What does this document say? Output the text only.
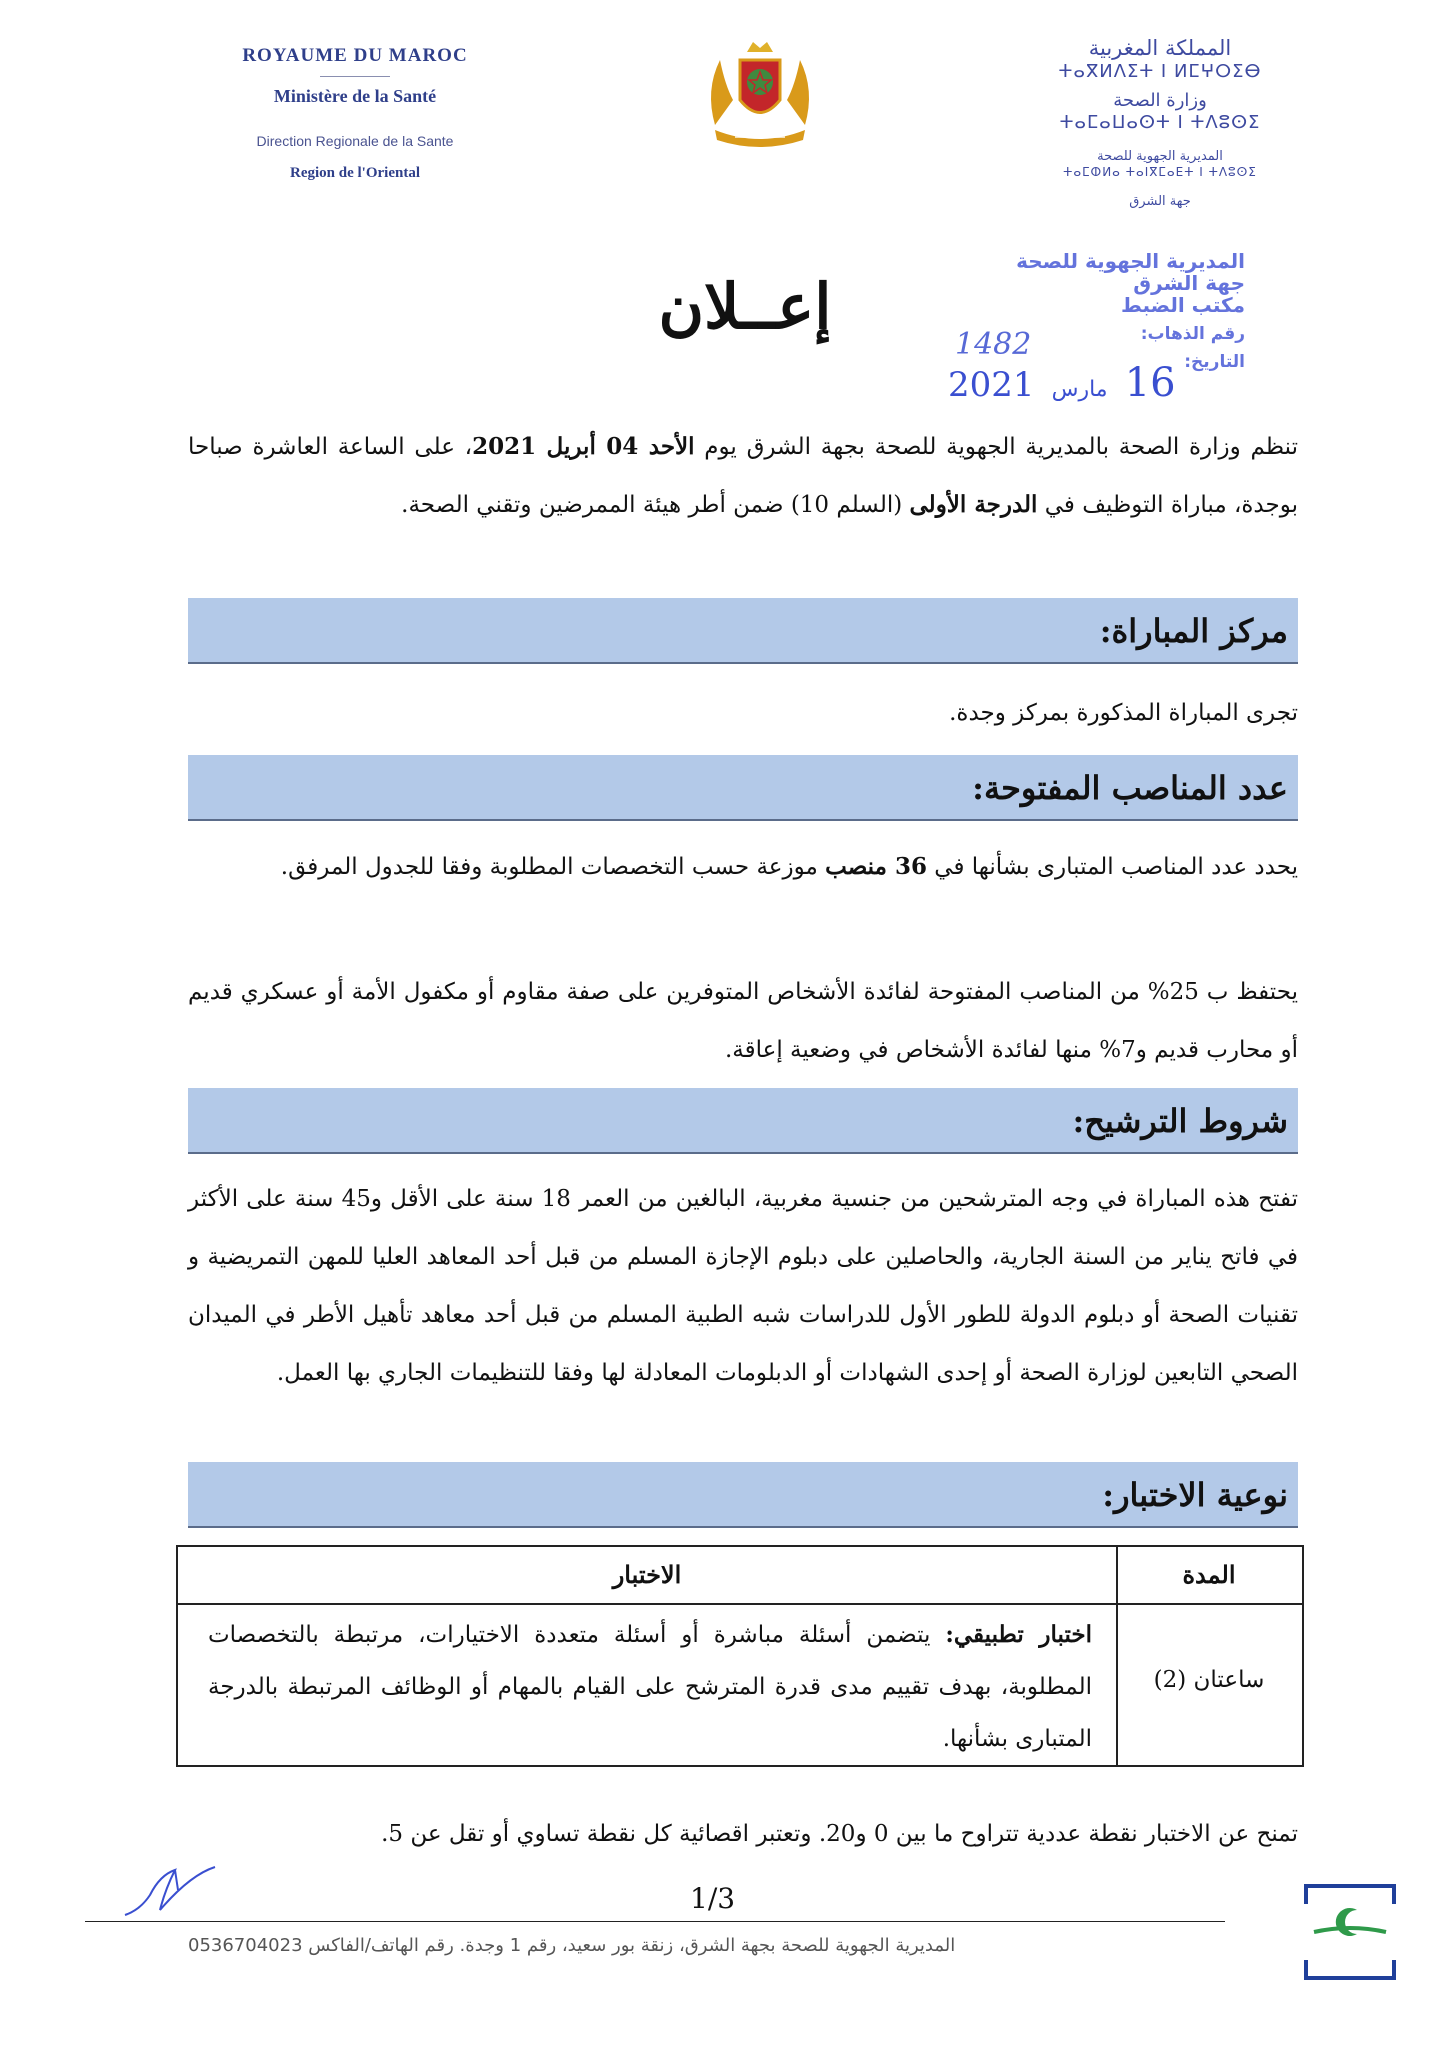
ROYAUME DU MAROC
Ministère de la Santé
Direction Regionale de la Sante
Region de l'Oriental
المملكة المغربية
ⵜⴰⴳⵍⴷⵉⵜ ⵏ ⵍⵎⵖⵔⵉⴱ
وزارة الصحة
ⵜⴰⵎⴰⵡⴰⵙⵜ ⵏ ⵜⴷⵓⵙⵉ
المديرية الجهوية للصحة
ⵜⴰⵎⵀⵍⴰ ⵜⴰⵏⴳⵎⴰⴹⵜ ⵏ ⵜⴷⵓⵙⵉ
جهة الشرق
إعــلان
المديرية الجهوية للصحة
جهة الشرق
مكتب الضبط
رقم الذهاب:
التاريخ:
1482
16 مارس 2021
تنظم وزارة الصحة بالمديرية الجهوية للصحة بجهة الشرق يوم الأحد 04 أبريل 2021، على الساعة العاشرة صباحا بوجدة، مباراة التوظيف في الدرجة الأولى (السلم 10) ضمن أطر هيئة الممرضين وتقني الصحة.
مركز المباراة:
تجرى المباراة المذكورة بمركز وجدة.
عدد المناصب المفتوحة:
يحدد عدد المناصب المتبارى بشأنها في 36 منصب موزعة حسب التخصصات المطلوبة وفقا للجدول المرفق.
يحتفظ ب 25% من المناصب المفتوحة لفائدة الأشخاص المتوفرين على صفة مقاوم أو مكفول الأمة أو عسكري قديم أو محارب قديم و7% منها لفائدة الأشخاص في وضعية إعاقة.
شروط الترشيح:
تفتح هذه المباراة في وجه المترشحين من جنسية مغربية، البالغين من العمر 18 سنة على الأقل و45 سنة على الأكثر في فاتح يناير من السنة الجارية، والحاصلين على دبلوم الإجازة المسلم من قبل أحد المعاهد العليا للمهن التمريضية و تقنيات الصحة أو دبلوم الدولة للطور الأول للدراسات شبه الطبية المسلم من قبل أحد معاهد تأهيل الأطر في الميدان الصحي التابعين لوزارة الصحة أو إحدى الشهادات أو الدبلومات المعادلة لها وفقا للتنظيمات الجاري بها العمل.
نوعية الاختبار:
المدة
الاختبار
اختبار تطبيقي: يتضمن أسئلة مباشرة أو أسئلة متعددة الاختيارات، مرتبطة بالتخصصات المطلوبة، بهدف تقييم مدى قدرة المترشح على القيام بالمهام أو الوظائف المرتبطة بالدرجة المتبارى بشأنها.
ساعتان (2)
تمنح عن الاختبار نقطة عددية تتراوح ما بين 0 و20. وتعتبر اقصائية كل نقطة تساوي أو تقل عن 5.
1/3
المديرية الجهوية للصحة بجهة الشرق، زنقة بور سعيد، رقم 1 وجدة. رقم الهاتف/الفاكس 0536704023
